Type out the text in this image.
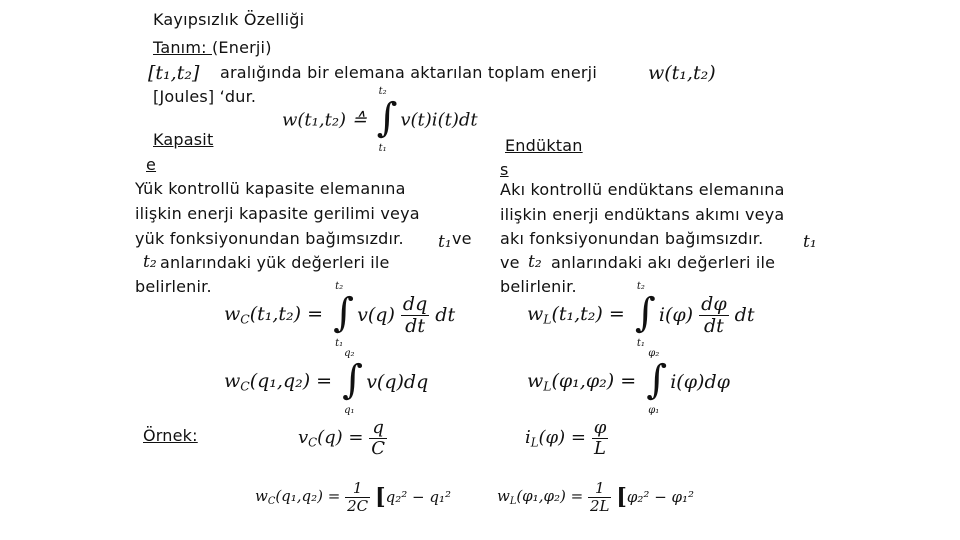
Kayıpsızlık Özelliği
Tanım: (Enerji)
[t₁,t₂] aralığında bir elemana aktarılan toplam enerji	w(t₁,t₂)
[Joules] ‘dur.
w(t₁,t₂) ≙ ∫
t₂
t₁
v(t)i(t)dt
Kapasit
e
Yük kontrollü kapasite elemanına
ilişkin enerji kapasite gerilimi veya
yük fonksiyonundan bağımsızdır. t₁ ve
t₂ anlarındaki yük değerleri ile
belirlenir.
$w_C(t_1,t_2)$ = ∫
t₂
t₁
$v(q) \frac{dq}{dt}$ dt
$w_C(q_1,q_2)$ = ∫
q₂
q₁
v(q)dq
Örnek:	$v_C(q) = \frac{q}{C}$
$w_C(q_1,q_2) = \frac{1}{2C} [q_2^2 - q_1^2$
Endüktan
s
Akı kontrollü endüktans elemanına
ilişkin enerji endüktans akımı veya
akı fonksiyonundan bağımsızdır. t₁
ve t₂ anlarındaki akı değerleri ile
belirlenir.
$w_L(t_1,t_2)$ = ∫
t₂
t₁
$i(\varphi) \frac{d\varphi}{dt}$ dt
$w_L(\varphi_1,\varphi_2)$ = ∫
φ₂
φ₁
i(φ)dφ
$i_L(\varphi) = \frac{\varphi}{L}$
$w_L(\varphi_1,\varphi_2) = \frac{1}{2L} [\varphi_2^2 - \varphi_1^2$
